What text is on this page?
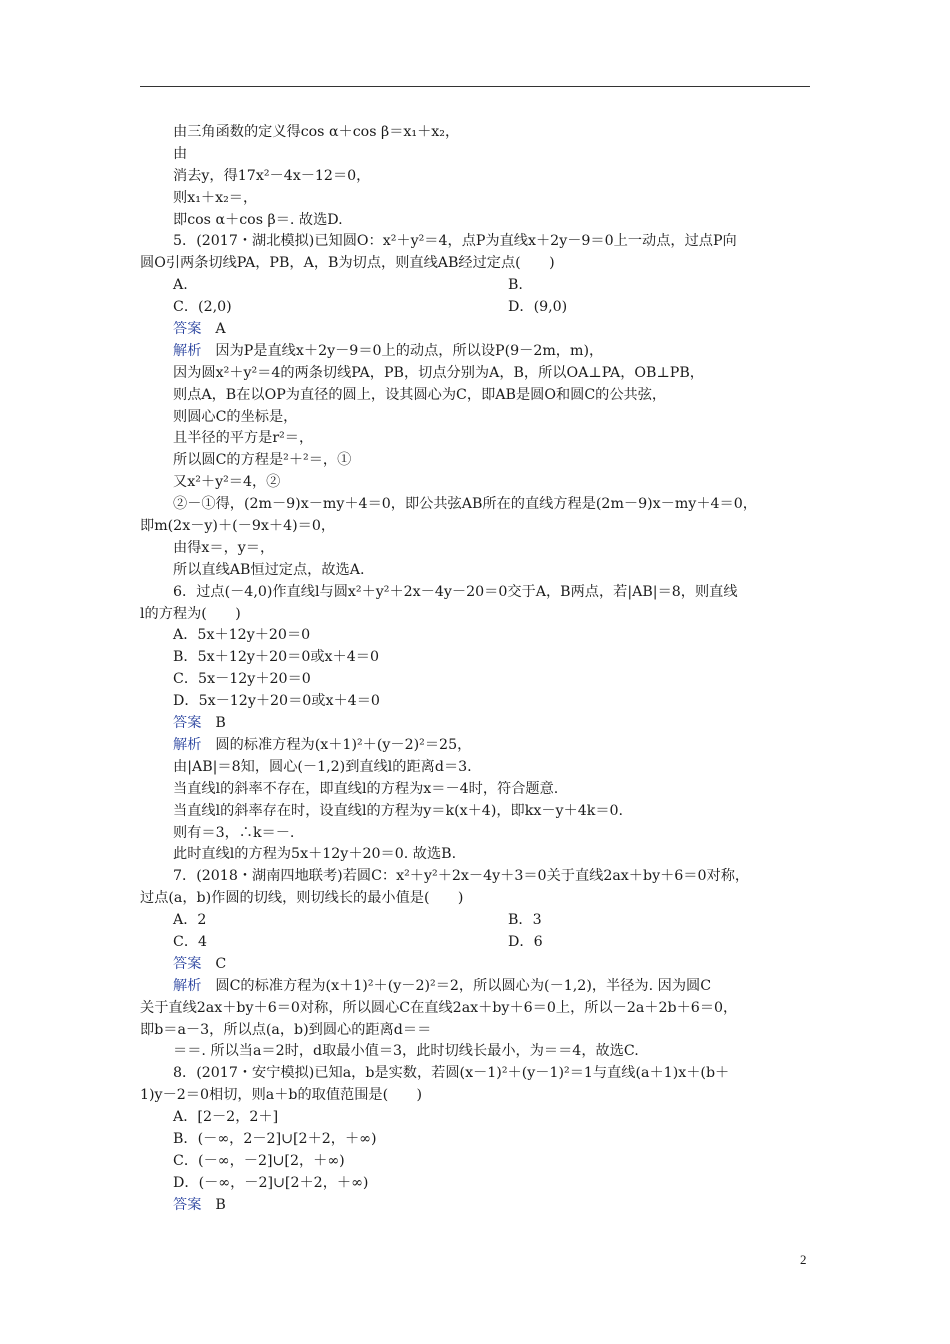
由三角函数的定义得cos α＋cos β＝x₁＋x₂，
由
消去y，得17x²－4x－12＝0，
则x₁＋x₂＝，
即cos α＋cos β＝. 故选D.
5．(2017・湖北模拟)已知圆O：x²＋y²＝4，点P为直线x＋2y－9＝0上一动点，过点P向
圆O引两条切线PA，PB，A，B为切点，则直线AB经过定点(　　)
A.	B.
C．(2,0)	D．(9,0)
答案 A
解析 因为P是直线x＋2y－9＝0上的动点，所以设P(9－2m，m)，
因为圆x²＋y²＝4的两条切线PA，PB，切点分别为A，B，所以OA⊥PA，OB⊥PB，
则点A，B在以OP为直径的圆上，设其圆心为C，即AB是圆O和圆C的公共弦，
则圆心C的坐标是，
且半径的平方是r²＝，
所以圆C的方程是²＋²＝，①
又x²＋y²＝4，②
②－①得，(2m－9)x－my＋4＝0，即公共弦AB所在的直线方程是(2m－9)x－my＋4＝0，
即m(2x－y)＋(－9x＋4)＝0，
由得x＝，y＝，
所以直线AB恒过定点，故选A.
6．过点(－4,0)作直线l与圆x²＋y²＋2x－4y－20＝0交于A，B两点，若|AB|＝8，则直线
l的方程为(　　)
A．5x＋12y＋20＝0
B．5x＋12y＋20＝0或x＋4＝0
C．5x－12y＋20＝0
D．5x－12y＋20＝0或x＋4＝0
答案 B
解析 圆的标准方程为(x＋1)²＋(y－2)²＝25，
由|AB|＝8知，圆心(－1,2)到直线l的距离d＝3.
当直线l的斜率不存在，即直线l的方程为x＝－4时，符合题意.
当直线l的斜率存在时，设直线l的方程为y＝k(x＋4)，即kx－y＋4k＝0.
则有＝3，∴k＝－.
此时直线l的方程为5x＋12y＋20＝0. 故选B.
7．(2018・湖南四地联考)若圆C：x²＋y²＋2x－4y＋3＝0关于直线2ax＋by＋6＝0对称，
过点(a，b)作圆的切线，则切线长的最小值是(　　)
A．2	B．3
C．4	D．6
答案 C
解析 圆C的标准方程为(x＋1)²＋(y－2)²＝2，所以圆心为(－1,2)，半径为. 因为圆C
关于直线2ax＋by＋6＝0对称，所以圆心C在直线2ax＋by＋6＝0上，所以－2a＋2b＋6＝0，
即b＝a－3，所以点(a，b)到圆心的距离d＝＝
＝＝. 所以当a＝2时，d取最小值＝3，此时切线长最小，为＝＝4，故选C.
8．(2017・安宁模拟)已知a，b是实数，若圆(x－1)²＋(y－1)²＝1与直线(a＋1)x＋(b＋
1)y－2＝0相切，则a＋b的取值范围是(　　)
A．[2－2，2＋]
B．(－∞，2－2]∪[2＋2，＋∞)
C．(－∞，－2]∪[2，＋∞)
D．(－∞，－2]∪[2＋2，＋∞)
答案 B
2
